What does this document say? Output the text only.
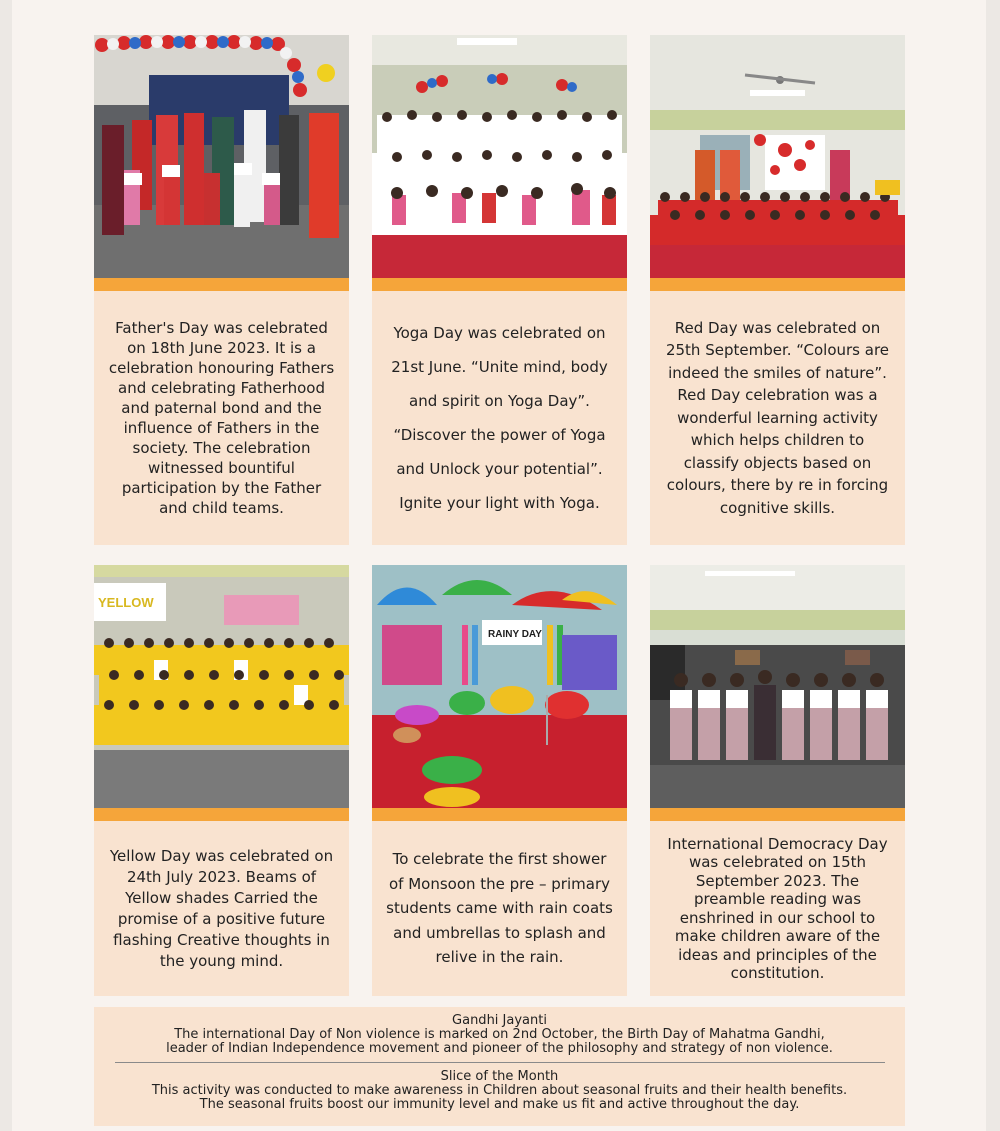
Father's Day was celebrated on 18th June 2023. It is a celebration honouring Fathers and celebrating Fatherhood and paternal bond and the influence of Fathers in the society. The celebration witnessed bountiful participation by the Father and child teams.

Yoga Day was celebrated on 21st June. “Unite mind, body and spirit on Yoga Day”. “Discover the power of Yoga and Unlock your potential”. Ignite your light with Yoga.

Red Day was celebrated on 25th September. “Colours are indeed the smiles of nature”. Red Day celebration was a wonderful learning activity which helps children to classify objects based on colours, there by re in forcing cognitive skills.

YELLOW

Yellow Day was celebrated on 24th July 2023. Beams of Yellow shades Carried the promise of a positive future flashing Creative thoughts in the young mind.

RAINY DAY

To celebrate the first shower of Monsoon the pre – primary students came with rain coats and umbrellas to splash and relive in the rain.

International Democracy Day was celebrated on 15th September 2023. The preamble reading was enshrined in our school to make children aware of the ideas and principles of the constitution.

Gandhi Jayanti

The international Day of Non violence is marked on 2nd October, the Birth Day of Mahatma Gandhi,

leader of Indian Independence movement and pioneer of the philosophy and strategy of non violence.

Slice of the Month

This activity was conducted to make awareness in Children about seasonal fruits and their health benefits.

The seasonal fruits boost our immunity level and make us fit and active throughout the day.
